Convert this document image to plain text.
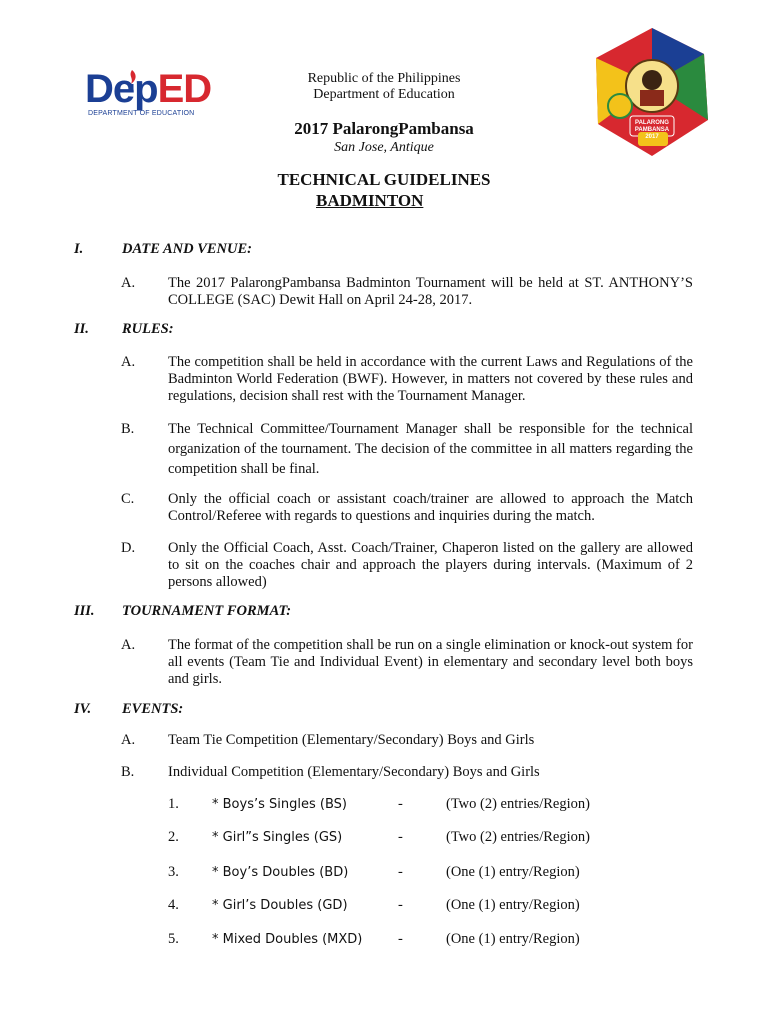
DepED
DEPARTMENT OF EDUCATION
PALARONG PAMBANSA 2017
Republic of the Philippines
Department of Education
2017 PalarongPambansa
San Jose, Antique
TECHNICAL GUIDELINES
BADMINTON
I.	DATE AND VENUE:
A. The 2017 PalarongPambansa Badminton Tournament will be held at ST. ANTHONY’S COLLEGE (SAC) Dewit Hall on April 24-28, 2017.
II. RULES:
A. The competition shall be held in accordance with the current Laws and Regulations of the Badminton World Federation (BWF). However, in matters not covered by these rules and regulations, decision shall rest with the Tournament Manager.
B. The Technical Committee/Tournament Manager shall be responsible for the technical organization of the tournament. The decision of the committee in all matters regarding the competition shall be final.
C. Only the official coach or assistant coach/trainer are allowed to approach the Match Control/Referee with regards to questions and inquiries during the match.
D. Only the Official Coach, Asst. Coach/Trainer, Chaperon listed on the gallery are allowed to sit on the coaches chair and approach the players during intervals. (Maximum of 2 persons allowed)
III. TOURNAMENT FORMAT:
A. The format of the competition shall be run on a single elimination or knock-out system for all events (Team Tie and Individual Event) in elementary and secondary level both boys and girls.
IV. EVENTS:
A. Team Tie Competition (Elementary/Secondary) Boys and Girls
B. Individual Competition (Elementary/Secondary) Boys and Girls
1.	* Boys’s Singles (BS)	-	(Two (2) entries/Region)
2.	* Girl”s Singles (GS)	-	(Two (2) entries/Region)
3.	* Boy’s Doubles (BD)	-	(One (1) entry/Region)
4.	* Girl’s Doubles (GD)	-	(One (1) entry/Region)
5.	* Mixed Doubles (MXD) -	(One (1) entry/Region)
